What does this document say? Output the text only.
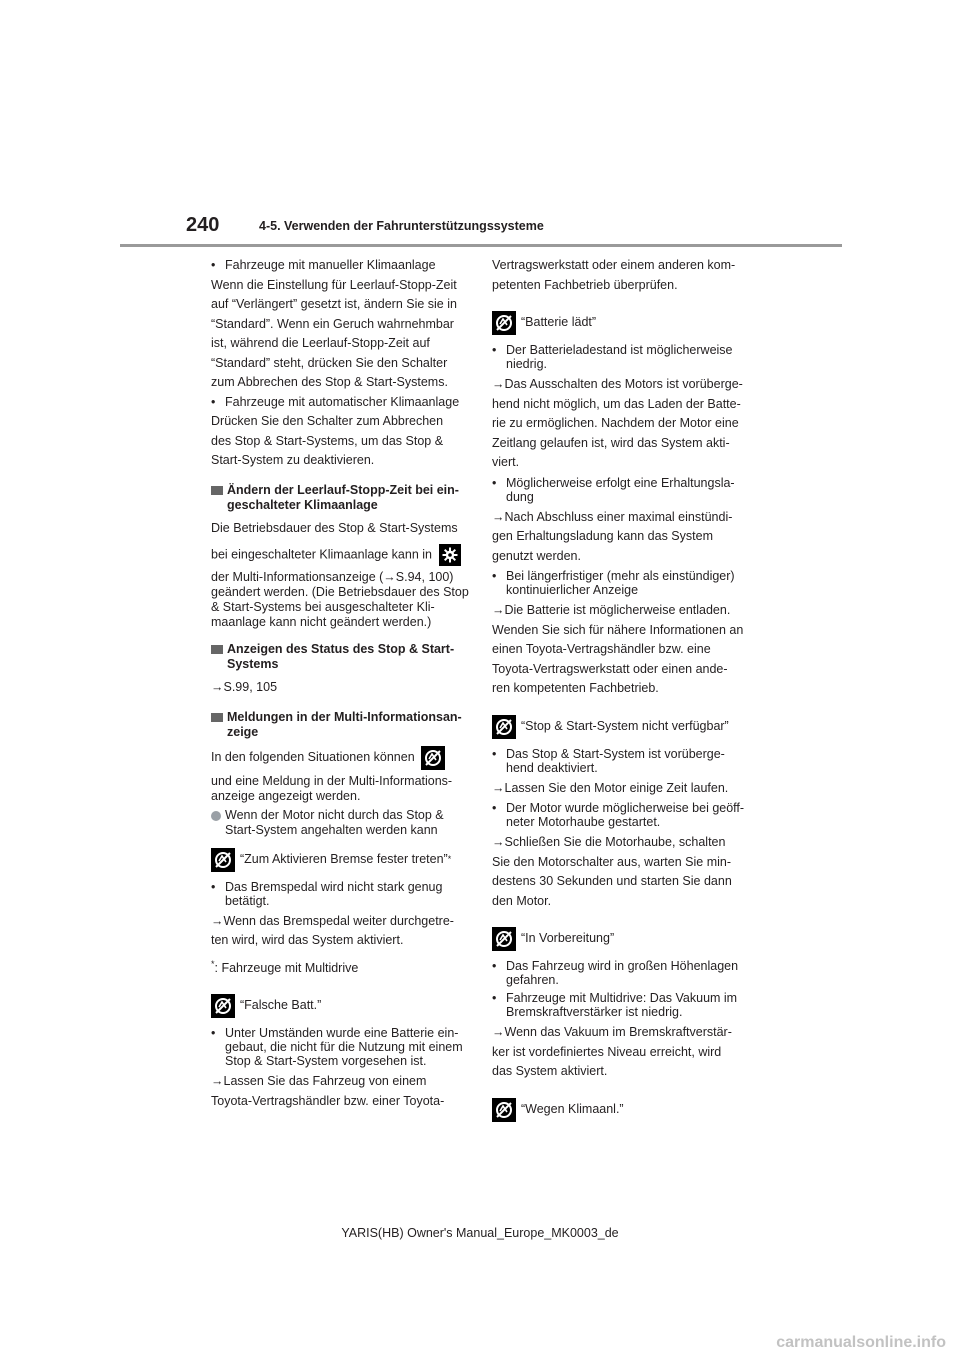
240	4-5. Verwenden der Fahrunterstützungssysteme
• Fahrzeuge mit manueller Klimaanlage

Wenn die Einstellung für Leerlauf-Stopp-Zeit
auf “Verlängert” gesetzt ist, ändern Sie sie in
“Standard”. Wenn ein Geruch wahrnehmbar
ist, während die Leerlauf-Stopp-Zeit auf
“Standard” steht, drücken Sie den Schalter
zum Abbrechen des Stop & Start-Systems.

• Fahrzeuge mit automatischer Klimaanlage

Drücken Sie den Schalter zum Abbrechen
des Stop & Start-Systems, um das Stop &
Start-System zu deaktivieren.

Ändern der Leerlauf-Stopp-Zeit bei ein-geschalteter Klimaanlage

Die Betriebsdauer des Stop & Start-Systems

bei eingeschalteter Klimaanlage kann in

der Multi-Informationsanzeige (→S.94, 100) geändert werden. (Die Betriebsdauer des Stop & Start-Systems bei ausgeschalteter Kli-maanlage kann nicht geändert werden.)

Anzeigen des Status des Stop & Start-Systems

→S.99, 105

Meldungen in der Multi-Informationsan-zeige

In den folgenden Situationen können

und eine Meldung in der Multi-Informations-anzeige angezeigt werden.

Wenn der Motor nicht durch das Stop & Start-System angehalten werden kann
“Zum Aktivieren Bremse fester treten” *
• Das Bremspedal wird nicht stark genug betätigt.

→Wenn das Bremspedal weiter durchgetre-
ten wird, wird das System aktiviert.

*: Fahrzeuge mit Multidrive

“Falsche Batt.”
• Unter Umständen wurde eine Batterie ein-gebaut, die nicht für die Nutzung mit einem Stop & Start-System vorgesehen ist.

→Lassen Sie das Fahrzeug von einem
Toyota-Vertragshändler bzw. einer Toyota-

Vertragswerkstatt oder einem anderen kom-
petenten Fachbetrieb überprüfen.

“Batterie lädt”
• Der Batterieladestand ist möglicherweise niedrig.

→Das Ausschalten des Motors ist vorüberge-
hend nicht möglich, um das Laden der Batte-
rie zu ermöglichen. Nachdem der Motor eine
Zeitlang gelaufen ist, wird das System akti-
viert.

• Möglicherweise erfolgt eine Erhaltungsla-dung

→Nach Abschluss einer maximal einstündi-
gen Erhaltungsladung kann das System
genutzt werden.

• Bei längerfristiger (mehr als einstündiger) kontinuierlicher Anzeige

→Die Batterie ist möglicherweise entladen.
Wenden Sie sich für nähere Informationen an
einen Toyota-Vertragshändler bzw. eine
Toyota-Vertragswerkstatt oder einen ande-
ren kompetenten Fachbetrieb.

“Stop & Start-System nicht verfügbar”
• Das Stop & Start-System ist vorüberge-hend deaktiviert.

→Lassen Sie den Motor einige Zeit laufen.

• Der Motor wurde möglicherweise bei geöff-neter Motorhaube gestartet.

→Schließen Sie die Motorhaube, schalten
Sie den Motorschalter aus, warten Sie min-
destens 30 Sekunden und starten Sie dann
den Motor.

“In Vorbereitung”
• Das Fahrzeug wird in großen Höhenlagen gefahren.
• Fahrzeuge mit Multidrive: Das Vakuum im Bremskraftverstärker ist niedrig.

→Wenn das Vakuum im Bremskraftverstär-
ker ist vordefiniertes Niveau erreicht, wird
das System aktiviert.

“Wegen Klimaanl.”
YARIS(HB) Owner's Manual_Europe_MK0003_de
carmanualsonline.info
